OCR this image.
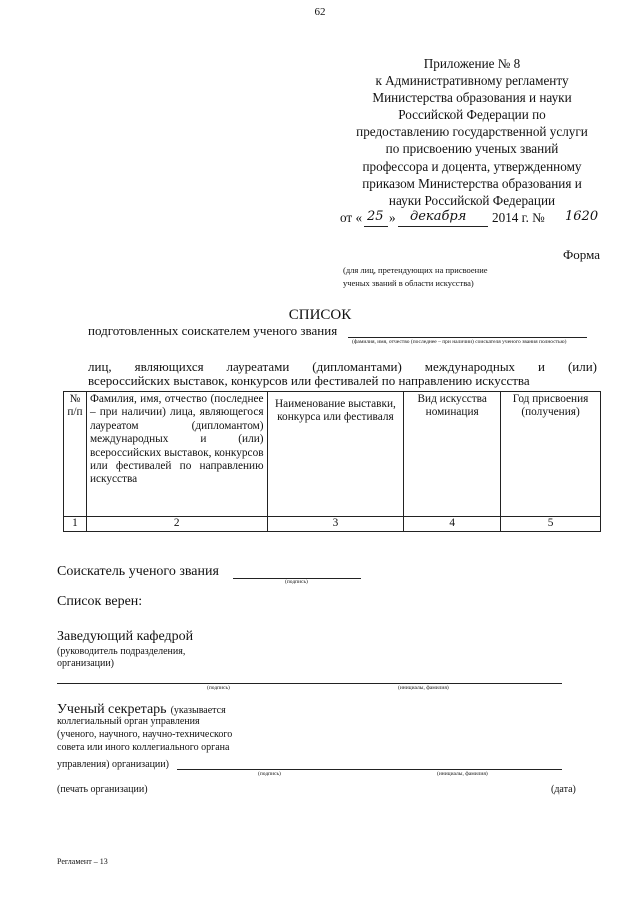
62
Приложение № 8
к Административному регламенту
Министерства образования и науки
Российской Федерации по
предоставлению государственной услуги
по присвоению ученых званий
профессора и доцента, утвержденному
приказом Министерства образования и
науки Российской Федерации
от « 25 » декабря 2014 г. № 1620
Форма
(для лиц, претендующих на присвоение
ученых званий в области искусства)
СПИСОК
подготовленных соискателем ученого звания
(фамилия, имя, отчество (последнее – при наличии) соискателя ученого звания полностью)
лиц, являющихся лауреатами (дипломантами) международных и (или)
всероссийских выставок, конкурсов или фестивалей по направлению искусства
№ п/п	Фамилия, имя, отчество (последнее – при наличии) лица, являющегося лауреатом (дипломантом) международных и (или) всероссийских выставок, конкурсов или фестивалей по направлению искусства	Наименование выставки, конкурса или фестиваля	Вид искусства номинация	Год присвоения (получения)
1	2	3	4	5
Соискатель ученого звания
(подпись)
Список верен:
Заведующий кафедрой
(руководитель подразделения,
организации)
(подпись)	(инициалы, фамилия)
Ученый секретарь (указывается
коллегиальный орган управления
(ученого, научного, научно-технического
совета или иного коллегиального органа
управления) организации)
(подпись)	(инициалы, фамилия)
(печать организации)	(дата)
Регламент – 13
